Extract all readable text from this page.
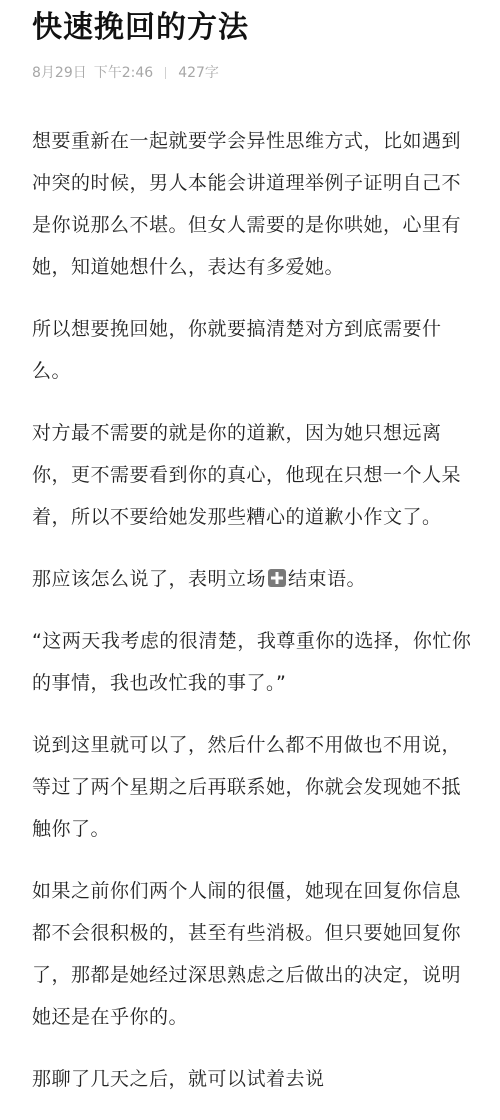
快速挽回的方法
8月29日 下午2:46 427字

想要重新在一起就要学会异性思维方式，比如遇到冲突的时候，男人本能会讲道理举例子证明自己不是你说那么不堪。但女人需要的是你哄她，心里有她，知道她想什么，表达有多爱她。

所以想要挽回她，你就要搞清楚对方到底需要什么。

对方最不需要的就是你的道歉，因为她只想远离你，更不需要看到你的真心，他现在只想一个人呆着，所以不要给她发那些糟心的道歉小作文了。

那应该怎么说了，表明立场 结束语。

“这两天我考虑的很清楚，我尊重你的选择，你忙你的事情，我也改忙我的事了。”

说到这里就可以了，然后什么都不用做也不用说，等过了两个星期之后再联系她，你就会发现她不抵触你了。

如果之前你们两个人闹的很僵，她现在回复你信息都不会很积极的，甚至有些消极。但只要她回复你了，那都是她经过深思熟虑之后做出的决定，说明她还是在乎你的。

那聊了几天之后，就可以试着去说
